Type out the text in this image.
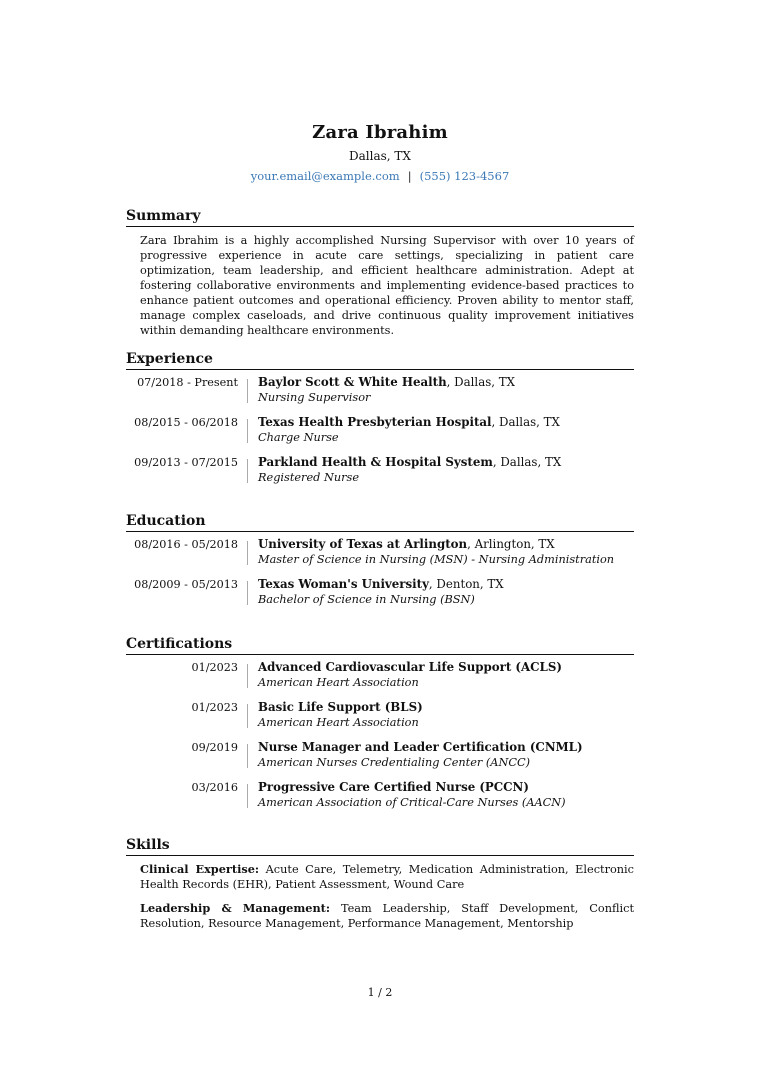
Zara Ibrahim
Dallas, TX
your.email@example.com | (555) 123-4567
Summary
Zara Ibrahim is a highly accomplished Nursing Supervisor with over 10 years of progressive experience in acute care settings, specializing in patient care optimization, team leadership, and efficient healthcare administration. Adept at fostering collaborative environments and implementing evidence-based practices to enhance patient outcomes and operational efficiency. Proven ability to mentor staff, manage complex caseloads, and drive continuous quality improvement initiatives within demanding healthcare environments.
Experience
07/2018 - Present Baylor Scott & White Health, Dallas, TX
Nursing Supervisor
08/2015 - 06/2018 Texas Health Presbyterian Hospital, Dallas, TX
Charge Nurse
09/2013 - 07/2015 Parkland Health & Hospital System, Dallas, TX
Registered Nurse
Education
08/2016 - 05/2018 University of Texas at Arlington, Arlington, TX
Master of Science in Nursing (MSN) - Nursing Administration
08/2009 - 05/2013 Texas Woman's University, Denton, TX
Bachelor of Science in Nursing (BSN)
Certifications
01/2023 Advanced Cardiovascular Life Support (ACLS)
American Heart Association
01/2023 Basic Life Support (BLS)
American Heart Association
09/2019 Nurse Manager and Leader Certification (CNML)
American Nurses Credentialing Center (ANCC)
03/2016 Progressive Care Certified Nurse (PCCN)
American Association of Critical-Care Nurses (AACN)
Skills
Clinical Expertise: Acute Care, Telemetry, Medication Administration, Electronic Health Records (EHR), Patient Assessment, Wound Care
Leadership & Management: Team Leadership, Staff Development, Conflict Resolution, Resource Management, Performance Management, Mentorship
1 / 2
